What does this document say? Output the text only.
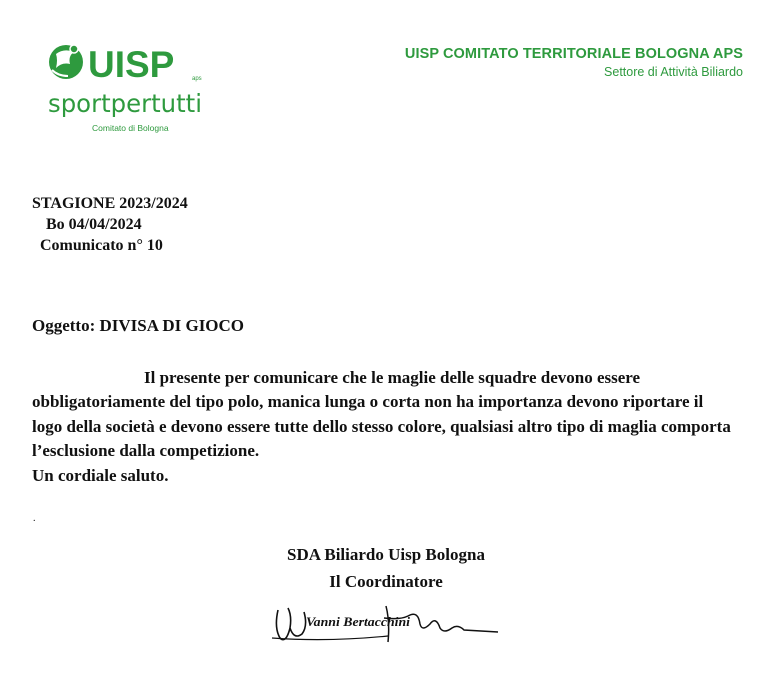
UISP	aps
sportpertutti
Comitato di Bologna
UISP COMITATO TERRITORIALE BOLOGNA APS
Settore di Attività Biliardo
STAGIONE 2023/2024
Bo 04/04/2024
Comunicato n° 10
Oggetto: DIVISA DI GIOCO
Il presente per comunicare che le maglie delle squadre devono essere obbligatoriamente del tipo polo, manica lunga o corta non ha importanza devono riportare il logo della società e devono essere tutte dello stesso colore, qualsiasi altro tipo di maglia comporta l’esclusione dalla competizione.
Un cordiale saluto.
.
SDA Biliardo Uisp Bologna
Il Coordinatore
Vanni Bertacchini
